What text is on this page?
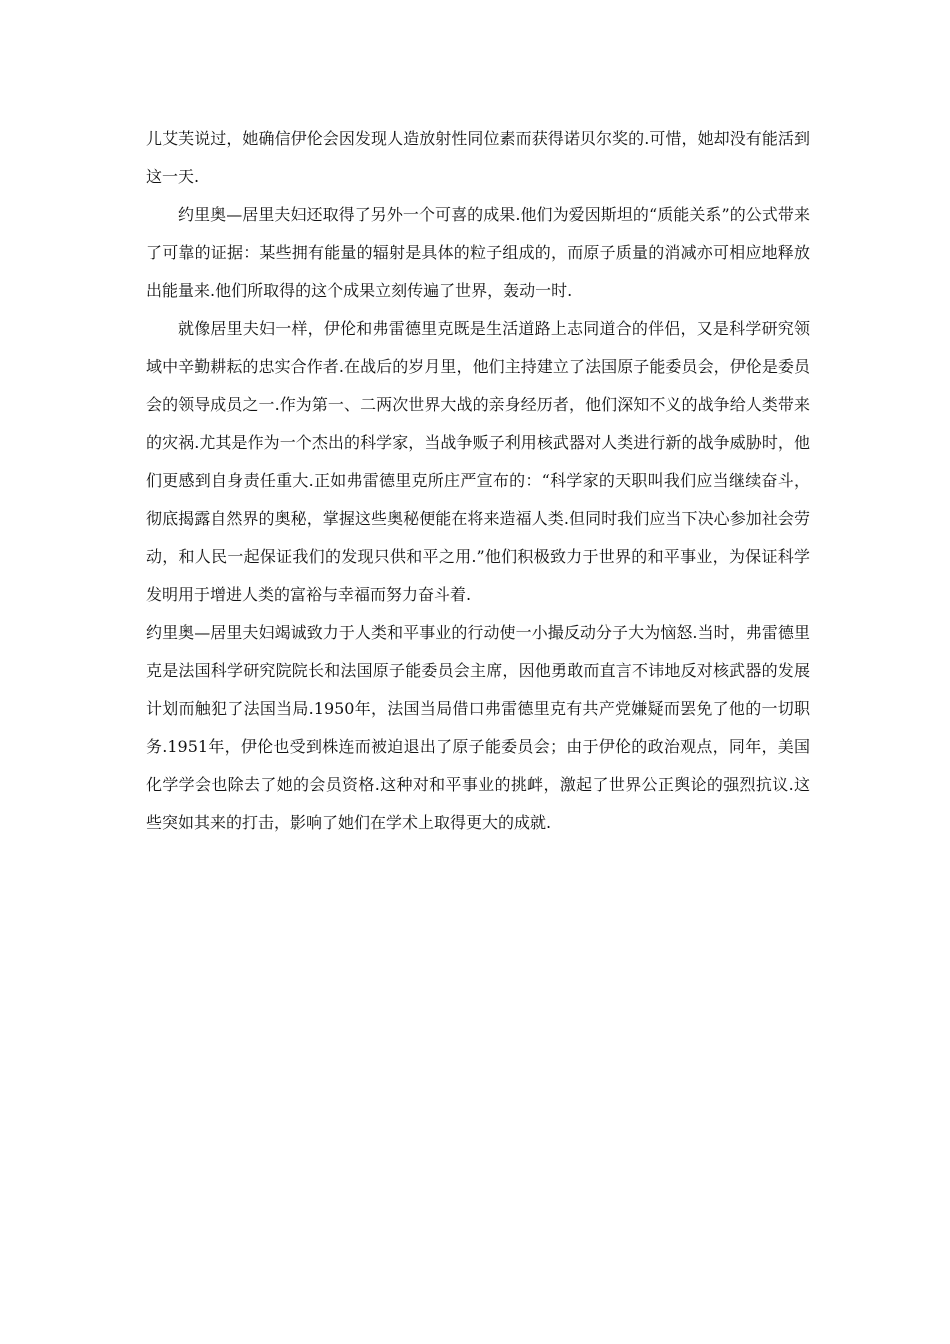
儿艾芙说过，她确信伊伦会因发现人造放射性同位素而获得诺贝尔奖的.可惜，她却没有能活到这一天.

约里奥—居里夫妇还取得了另外一个可喜的成果.他们为爱因斯坦的“质能关系”的公式带来了可靠的证据：某些拥有能量的辐射是具体的粒子组成的，而原子质量的消减亦可相应地释放出能量来.他们所取得的这个成果立刻传遍了世界，轰动一时.

就像居里夫妇一样，伊伦和弗雷德里克既是生活道路上志同道合的伴侣，又是科学研究领域中辛勤耕耘的忠实合作者.在战后的岁月里，他们主持建立了法国原子能委员会，伊伦是委员会的领导成员之一.作为第一、二两次世界大战的亲身经历者，他们深知不义的战争给人类带来的灾祸.尤其是作为一个杰出的科学家，当战争贩子利用核武器对人类进行新的战争威胁时，他们更感到自身责任重大.正如弗雷德里克所庄严宣布的：“科学家的天职叫我们应当继续奋斗，彻底揭露自然界的奥秘，掌握这些奥秘便能在将来造福人类.但同时我们应当下决心参加社会劳动，和人民一起保证我们的发现只供和平之用.”他们积极致力于世界的和平事业，为保证科学发明用于增进人类的富裕与幸福而努力奋斗着.

约里奥—居里夫妇竭诚致力于人类和平事业的行动使一小撮反动分子大为恼怒.当时，弗雷德里克是法国科学研究院院长和法国原子能委员会主席，因他勇敢而直言不讳地反对核武器的发展计划而触犯了法国当局.1950年，法国当局借口弗雷德里克有共产党嫌疑而罢免了他的一切职务.1951年，伊伦也受到株连而被迫退出了原子能委员会；由于伊伦的政治观点，同年，美国化学学会也除去了她的会员资格.这种对和平事业的挑衅，激起了世界公正舆论的强烈抗议.这些突如其来的打击，影响了她们在学术上取得更大的成就.
